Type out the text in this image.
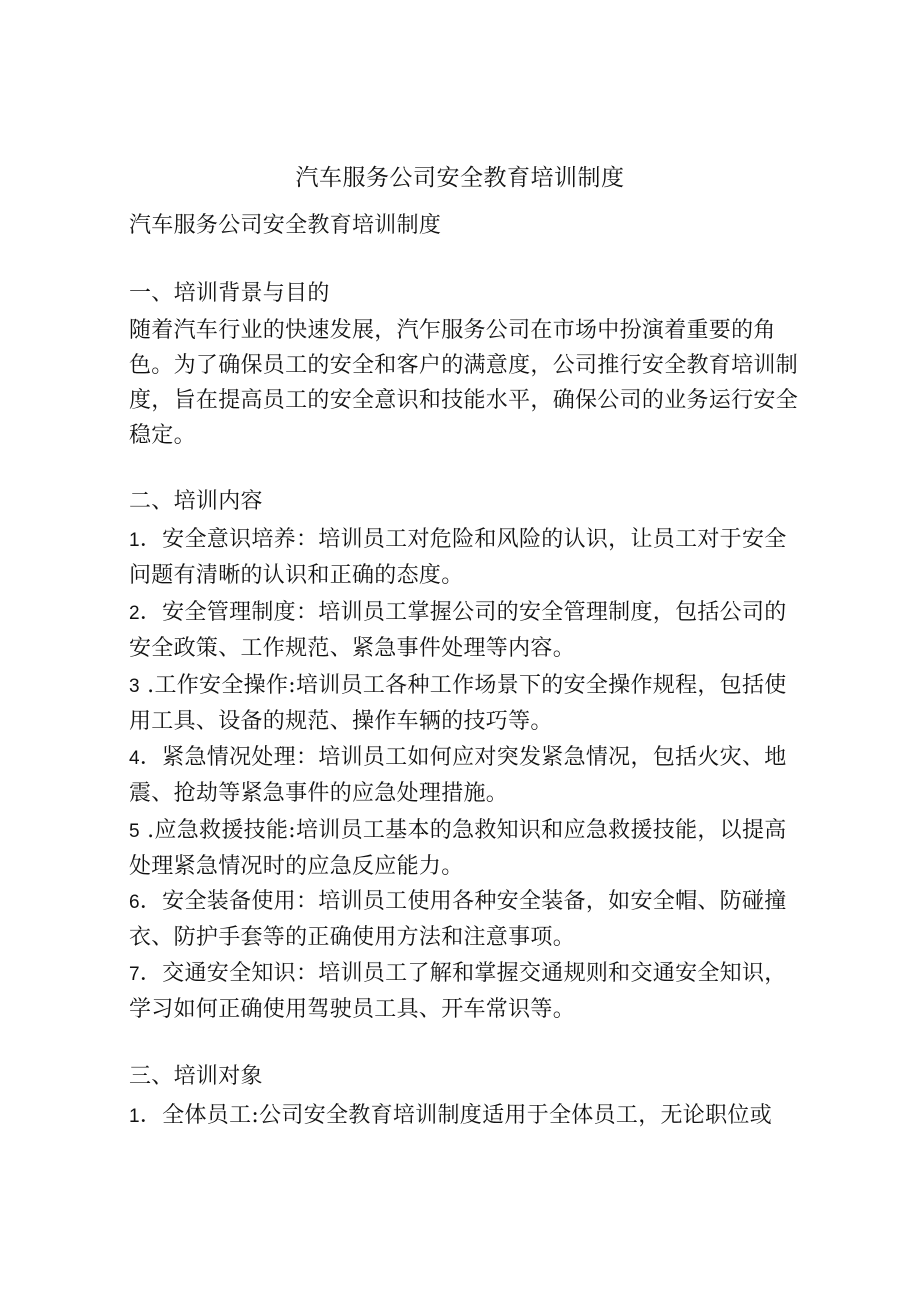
汽车服务公司安全教育培训制度

汽车服务公司安全教育培训制度

一、培训背景与目的

随着汽车行业的快速发展，汽乍服务公司在市场中扮演着重要的角色。为了确保员工的安全和客户的满意度，公司推行安全教育培训制度，旨在提高员工的安全意识和技能水平，确保公司的业务运行安全稳定。

二、培训内容

1．安全意识培养：培训员工对危险和风险的认识，让员工对于安全问题有清晰的认识和正确的态度。

2．安全管理制度：培训员工掌握公司的安全管理制度，包括公司的安全政策、工作规范、紧急事件处理等内容。

3 .工作安全操作:培训员工各种工作场景下的安全操作规程，包括使用工具、设备的规范、操作车辆的技巧等。

4．紧急情况处理：培训员工如何应对突发紧急情况，包括火灾、地震、抢劫等紧急事件的应急处理措施。

5 .应急救援技能:培训员工基本的急救知识和应急救援技能，以提高处理紧急情况时的应急反应能力。

6．安全装备使用：培训员工使用各种安全装备，如安全帽、防碰撞衣、防护手套等的正确使用方法和注意事项。

7．交通安全知识：培训员工了解和掌握交通规则和交通安全知识，学习如何正确使用驾驶员工具、开车常识等。

三、培训对象

1．全体员工:公司安全教育培训制度适用于全体员工，无论职位或
